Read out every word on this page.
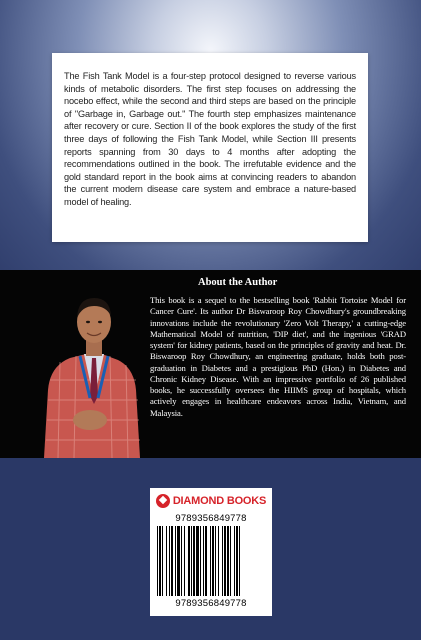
The Fish Tank Model is a four-step protocol designed to reverse various kinds of metabolic disorders. The first step focuses on addressing the nocebo effect, while the second and third steps are based on the principle of "Garbage in, Garbage out." The fourth step emphasizes maintenance after recovery or cure. Section II of the book explores the study of the first three days of following the Fish Tank Model, while Section III presents reports spanning from 30 days to 4 months after adopting the recommendations outlined in the book. The irrefutable evidence and the gold standard report in the book aims at convincing readers to abandon the current modern disease care system and embrace a nature-based model of healing.

About the Author

This book is a sequel to the bestselling book 'Rabbit Tortoise Model for Cancer Cure'. Its author Dr Biswaroop Roy Chowdhury's groundbreaking innovations include the revolutionary 'Zero Volt Therapy,' a cutting-edge Mathematical Model of nutrition, 'DIP diet', and the ingenious 'GRAD system' for kidney patients, based on the principles of gravity and heat. Dr. Biswaroop Roy Chowdhury, an engineering graduate, holds both post-graduation in Diabetes and a prestigious PhD (Hon.) in Diabetes and Chronic Kidney Disease. With an impressive portfolio of 26 published books, he successfully oversees the HIIMS group of hospitals, which actively engages in healthcare endeavors across India, Vietnam, and Malaysia.

DIAMOND BOOKS
9789356849778
9789356849778
